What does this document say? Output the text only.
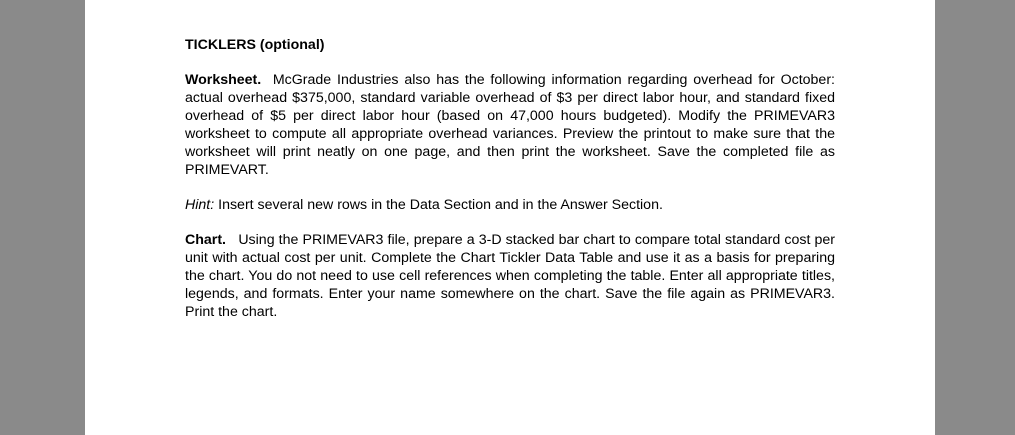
TICKLERS (optional)

Worksheet. McGrade Industries also has the following information regarding overhead for October: actual overhead $375,000, standard variable overhead of $3 per direct labor hour, and standard fixed overhead of $5 per direct labor hour (based on 47,000 hours budgeted). Modify the PRIMEVAR3 worksheet to compute all appropriate overhead variances. Preview the printout to make sure that the worksheet will print neatly on one page, and then print the worksheet. Save the completed file as PRIMEVART.

Hint: Insert several new rows in the Data Section and in the Answer Section.

Chart. Using the PRIMEVAR3 file, prepare a 3-D stacked bar chart to compare total standard cost per unit with actual cost per unit. Complete the Chart Tickler Data Table and use it as a basis for preparing the chart. You do not need to use cell references when completing the table. Enter all appropriate titles, legends, and formats. Enter your name somewhere on the chart. Save the file again as PRIMEVAR3. Print the chart.
